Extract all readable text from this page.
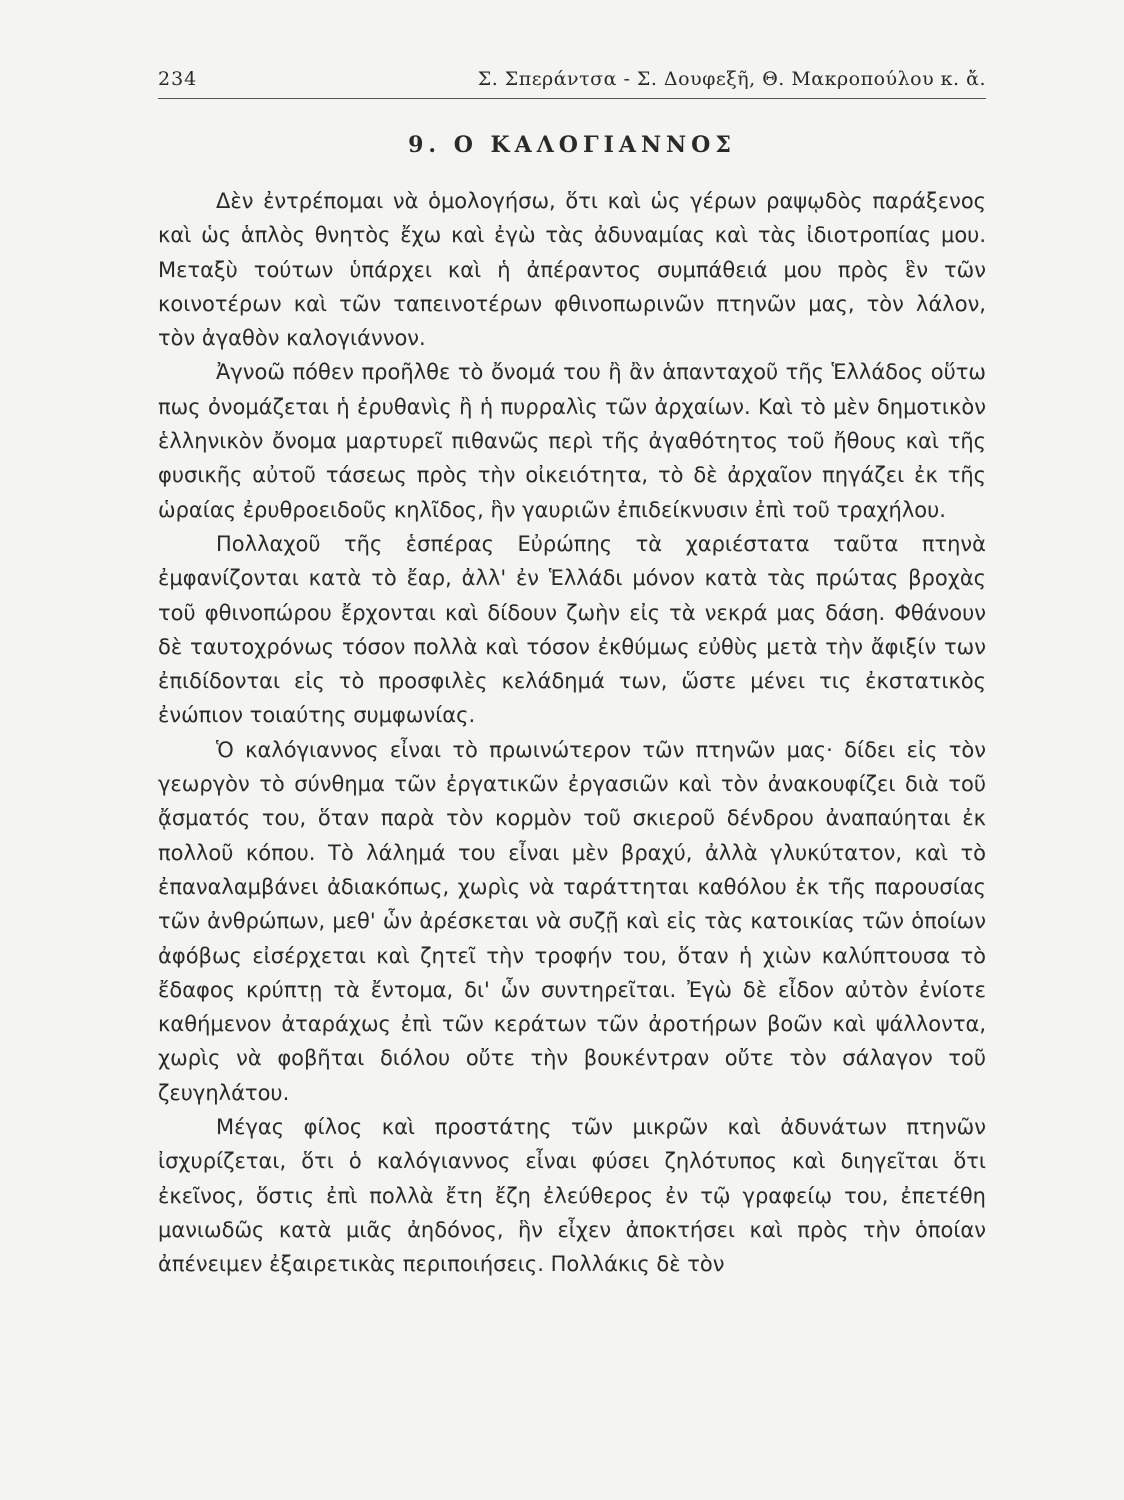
234	Σ. Σπεράντσα - Σ. Δουφεξῆ, Θ. Μακροπούλου κ. ἄ.
9. Ο ΚΑΛΟΓΙΑΝΝΟΣ

Δὲν ἐντρέπομαι νὰ ὁμολογήσω, ὅτι καὶ ὡς γέρων ραψῳδὸς παράξενος καὶ ὡς ἁπλὸς θνητὸς ἔχω καὶ ἐγὼ τὰς ἀδυναμίας καὶ τὰς ἰδιοτροπίας μου. Μεταξὺ τούτων ὑπάρχει καὶ ἡ ἀπέραντος συμπάθειά μου πρὸς ἓν τῶν κοινοτέρων καὶ τῶν ταπεινοτέρων φθινοπωρινῶν πτηνῶν μας, τὸν λάλον, τὸν ἀγαθὸν καλογιάννον.

Ἀγνοῶ πόθεν προῆλθε τὸ ὄνομά του ἢ ἂν ἁπανταχοῦ τῆς Ἑλλάδος οὕτω πως ὀνομάζεται ἡ ἐρυθανὶς ἢ ἡ πυρραλὶς τῶν ἀρχαίων. Καὶ τὸ μὲν δημοτικὸν ἑλληνικὸν ὄνομα μαρτυρεῖ πιθανῶς περὶ τῆς ἀγαθότητος τοῦ ἤθους καὶ τῆς φυσικῆς αὐτοῦ τάσεως πρὸς τὴν οἰκειότητα, τὸ δὲ ἀρχαῖον πηγάζει ἐκ τῆς ὡραίας ἐρυθροειδοῦς κηλῖδος, ἣν γαυριῶν ἐπιδείκνυσιν ἐπὶ τοῦ τραχήλου.

Πολλαχοῦ τῆς ἑσπέρας Εὐρώπης τὰ χαριέστατα ταῦτα πτηνὰ ἐμφανίζονται κατὰ τὸ ἔαρ, ἀλλ' ἐν Ἑλλάδι μόνον κατὰ τὰς πρώτας βροχὰς τοῦ φθινοπώρου ἔρχονται καὶ δίδουν ζωὴν εἰς τὰ νεκρά μας δάση. Φθάνουν δὲ ταυτοχρόνως τόσον πολλὰ καὶ τόσον ἐκθύμως εὐθὺς μετὰ τὴν ἄφιξίν των ἐπιδίδονται εἰς τὸ προσφιλὲς κελάδημά των, ὥστε μένει τις ἐκστατικὸς ἐνώπιον τοιαύτης συμφωνίας.

Ὁ καλόγιαννος εἶναι τὸ πρωινώτερον τῶν πτηνῶν μας· δίδει εἰς τὸν γεωργὸν τὸ σύνθημα τῶν ἐργατικῶν ἐργασιῶν καὶ τὸν ἀνακουφίζει διὰ τοῦ ᾄσματός του, ὅταν παρὰ τὸν κορμὸν τοῦ σκιεροῦ δένδρου ἀναπαύηται ἐκ πολλοῦ κόπου. Τὸ λάλημά του εἶναι μὲν βραχύ, ἀλλὰ γλυκύτατον, καὶ τὸ ἐπαναλαμβάνει ἀδιακόπως, χωρὶς νὰ ταράττηται καθόλου ἐκ τῆς παρουσίας τῶν ἀνθρώπων, μεθ' ὧν ἀρέσκεται νὰ συζῇ καὶ εἰς τὰς κατοικίας τῶν ὁποίων ἀφόβως εἰσέρχεται καὶ ζητεῖ τὴν τροφήν του, ὅταν ἡ χιὼν καλύπτουσα τὸ ἔδαφος κρύπτῃ τὰ ἔντομα, δι' ὧν συντηρεῖται. Ἐγὼ δὲ εἶδον αὐτὸν ἐνίοτε καθήμενον ἀταράχως ἐπὶ τῶν κεράτων τῶν ἀροτήρων βοῶν καὶ ψάλλοντα, χωρὶς νὰ φοβῆται διόλου οὔτε τὴν βουκέντραν οὔτε τὸν σάλαγον τοῦ ζευγηλάτου.

Μέγας φίλος καὶ προστάτης τῶν μικρῶν καὶ ἀδυνάτων πτηνῶν ἰσχυρίζεται, ὅτι ὁ καλόγιαννος εἶναι φύσει ζηλότυπος καὶ διηγεῖται ὅτι ἐκεῖνος, ὅστις ἐπὶ πολλὰ ἔτη ἔζη ἐλεύθερος ἐν τῷ γραφείῳ του, ἐπετέθη μανιωδῶς κατὰ μιᾶς ἀηδόνος, ἣν εἶχεν ἀποκτήσει καὶ πρὸς τὴν ὁποίαν ἀπένειμεν ἐξαιρετικὰς περιποιήσεις. Πολλάκις δὲ τὸν
